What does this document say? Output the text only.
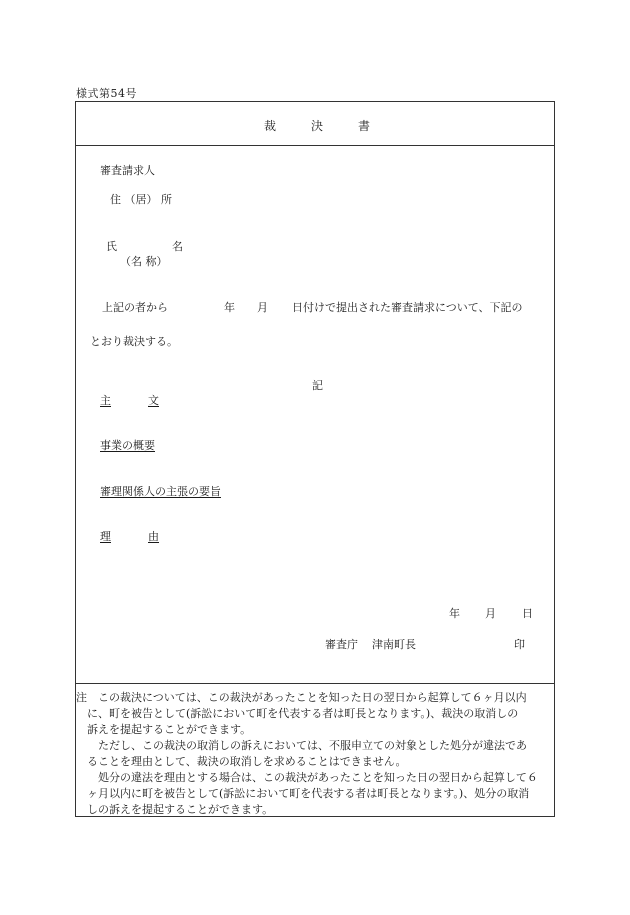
様式第54号
裁	決	書
審査請求人
住 （居） 所
氏	名
（名 称）
上記の者から	年 月 日付けで提出された審査請求について、下記の
とおり裁決する。
記
主	文
事業の概要
審理関係人の主張の要旨
理	由
年 月 日
審査庁 津南町長	印
注　この裁決については、この裁決があったことを知った日の翌日から起算して６ヶ月以内
　に、町を被告として(訴訟において町を代表する者は町長となります。)、裁決の取消しの
　訴えを提起することができます。
　　ただし、この裁決の取消しの訴えにおいては、不服申立ての対象とした処分が違法であ
　ることを理由として、裁決の取消しを求めることはできません。
　　処分の違法を理由とする場合は、この裁決があったことを知った日の翌日から起算して６
　ヶ月以内に町を被告として(訴訟において町を代表する者は町長となります。)、処分の取消
　しの訴えを提起することができます。
